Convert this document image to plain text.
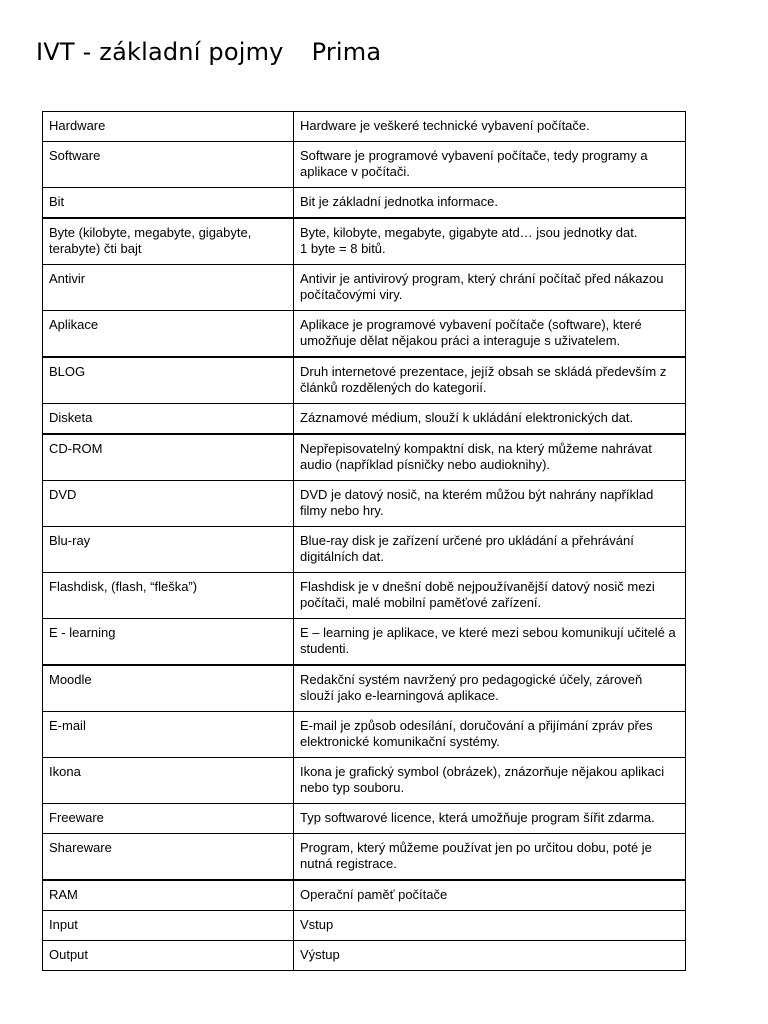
IVT - základní pojmy Prima
Hardware	Hardware je veškeré technické vybavení počítače.
Software	Software je programové vybavení počítače, tedy programy a aplikace v počítači.
Bit	Bit je základní jednotka informace.
Byte (kilobyte, megabyte, gigabyte, terabyte) čti bajt	Byte, kilobyte, megabyte, gigabyte atd… jsou jednotky dat.
1 byte = 8 bitů.
Antivir	Antivir je antivirový program, který chrání počítač před nákazou počítačovými viry.
Aplikace	Aplikace je programové vybavení počítače (software), které umožňuje dělat nějakou práci a interaguje s uživatelem.
BLOG	Druh internetové prezentace, jejíž obsah se skládá především z článků rozdělených do kategorií.
Disketa	Záznamové médium, slouží k ukládání elektronických dat.
CD-ROM	Nepřepisovatelný kompaktní disk, na který můžeme nahrávat audio (například písničky nebo audioknihy).
DVD	DVD je datový nosič, na kterém můžou být nahrány například filmy nebo hry.
Blu-ray	Blue-ray disk je zařízení určené pro ukládání a přehrávání digitálních dat.
Flashdisk, (flash, “fleška”)	Flashdisk je v dnešní době nejpoužívanější datový nosič mezi počítači, malé mobilní paměťové zařízení.
E - learning	E – learning je aplikace, ve které mezi sebou komunikují učitelé a studenti.
Moodle	Redakční systém navržený pro pedagogické účely, zároveň slouží jako e-learningová aplikace.
E-mail	E-mail je způsob odesílání, doručování a přijímání zpráv přes elektronické komunikační systémy.
Ikona	Ikona je grafický symbol (obrázek), znázorňuje nějakou aplikaci nebo typ souboru.
Freeware	Typ softwarové licence, která umožňuje program šířit zdarma.
Shareware	Program, který můžeme používat jen po určitou dobu, poté je nutná registrace.
RAM	Operační paměť počítače
Input	Vstup
Output	Výstup
